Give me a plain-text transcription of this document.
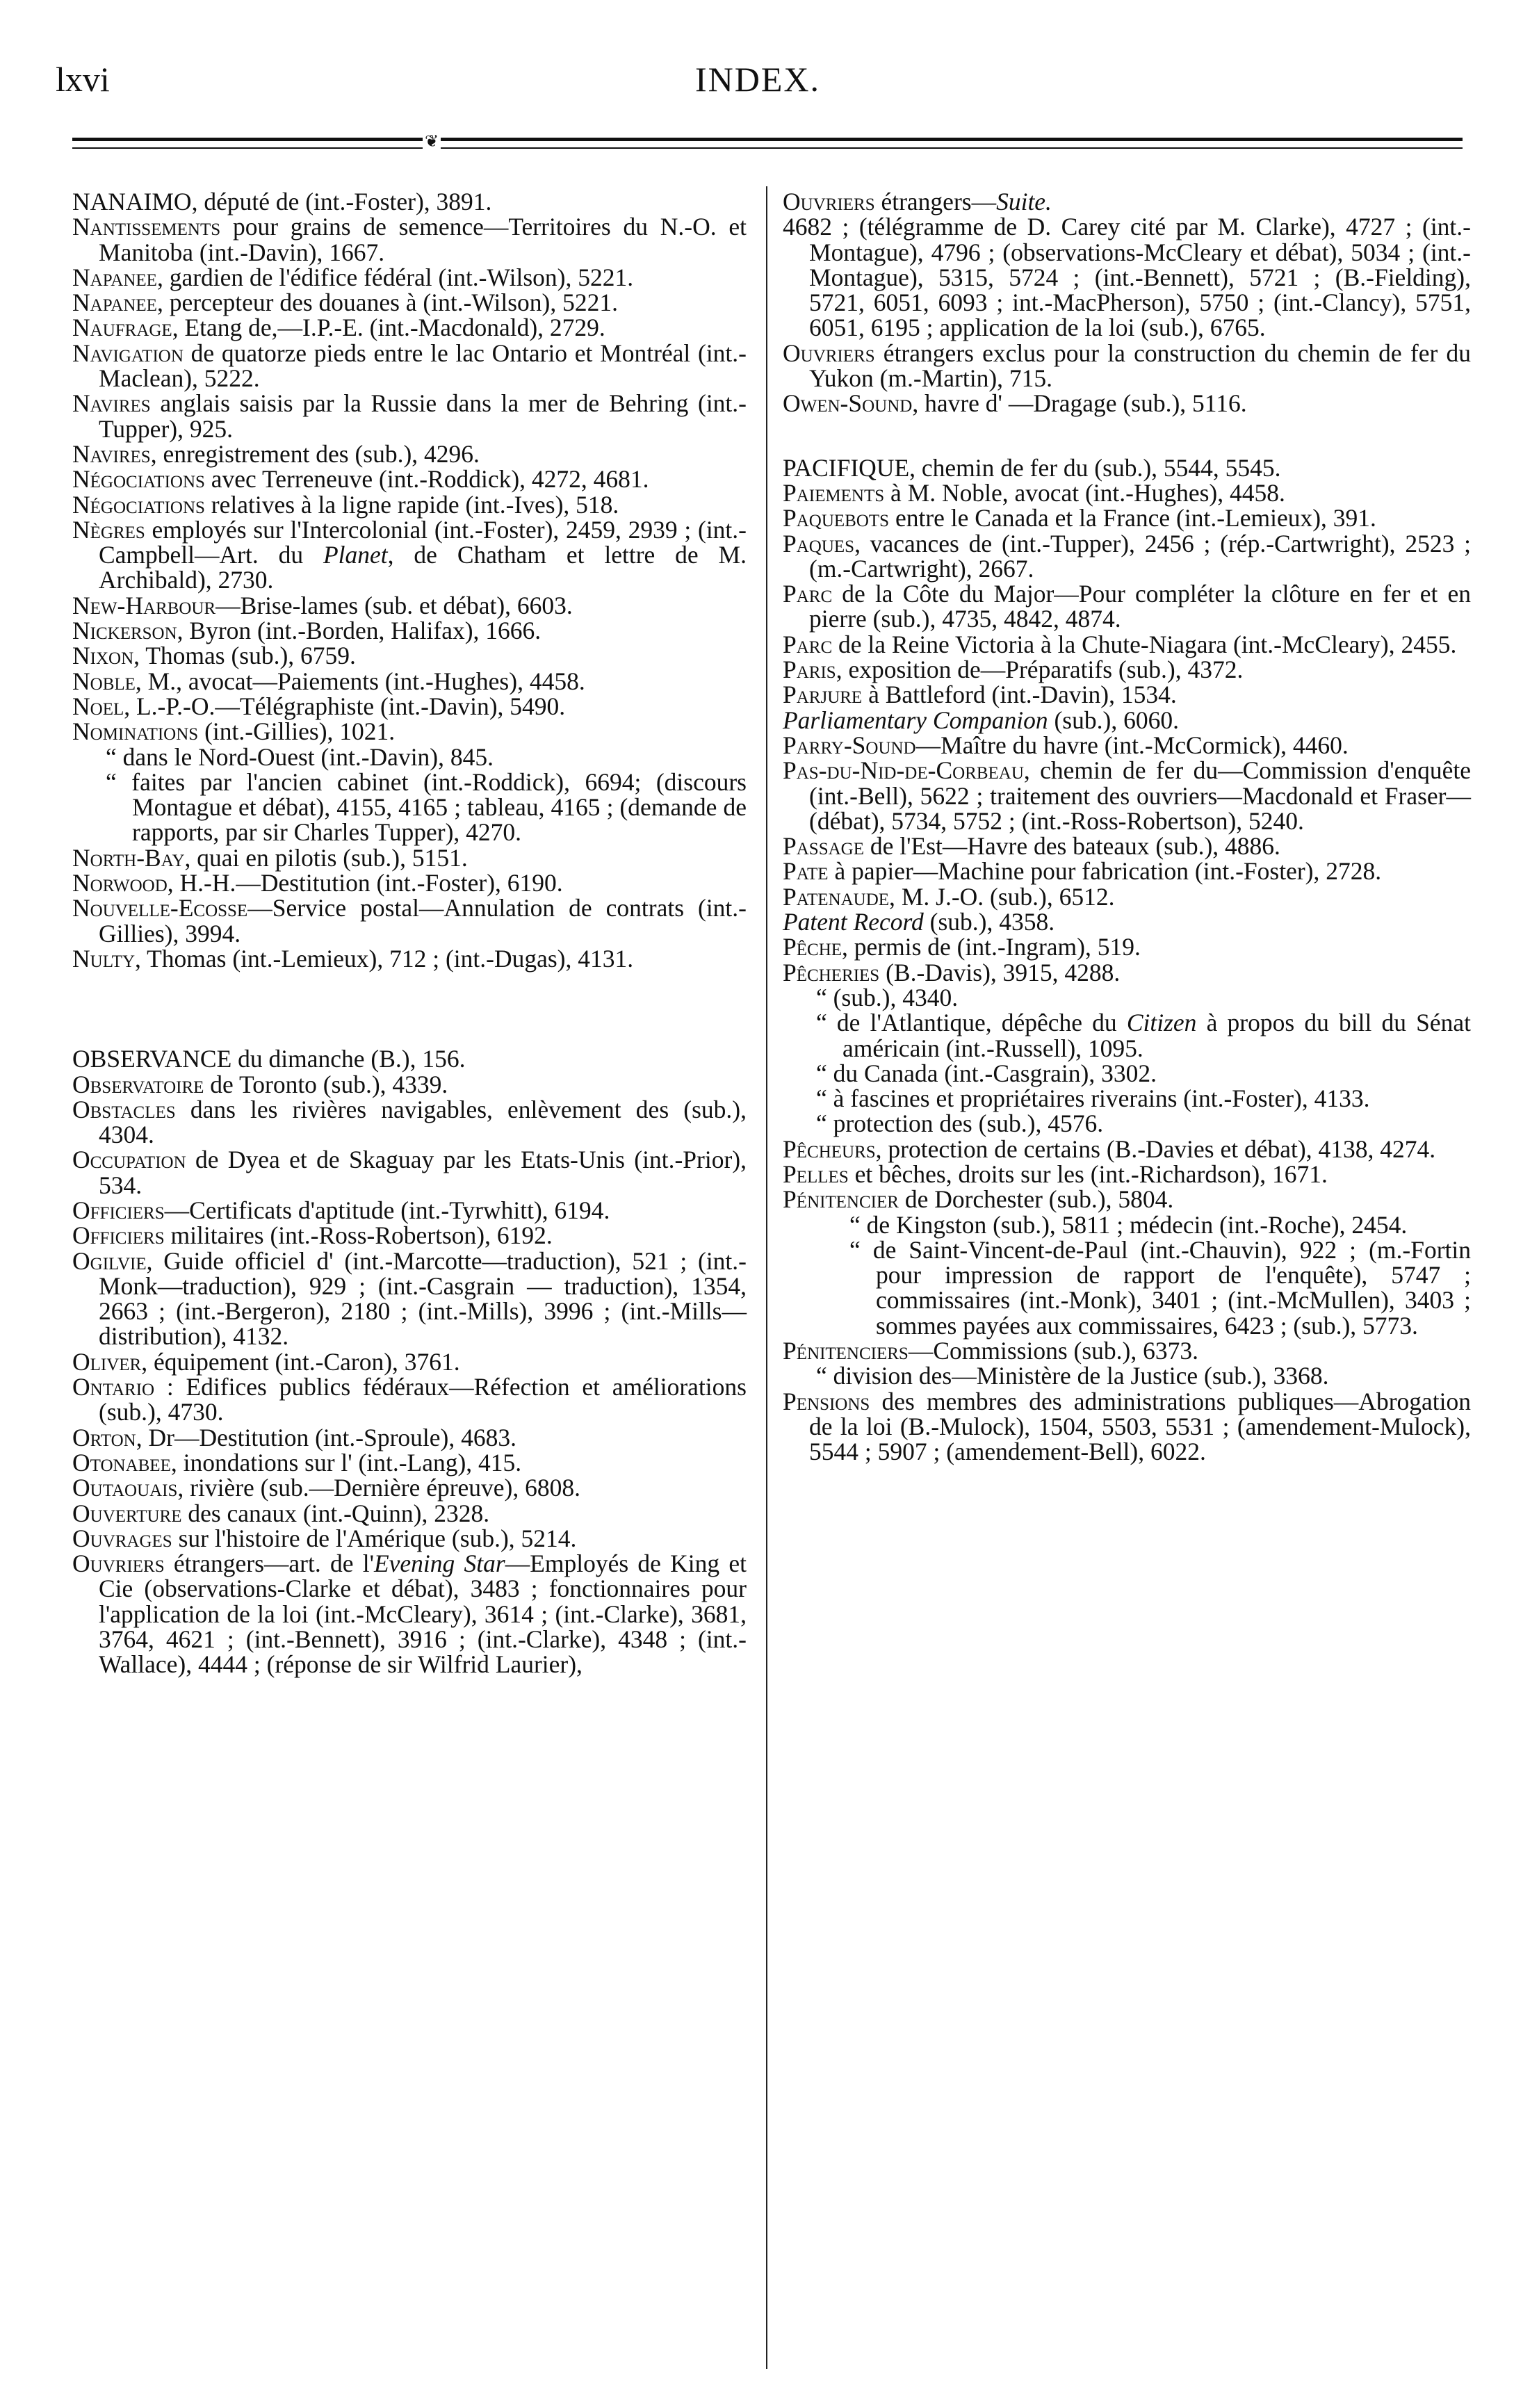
lxvi	INDEX.
❦

NANAIMO, député de (int.-Foster), 3891.

Nantissements pour grains de semence—Territoires du N.-O. et Manitoba (int.-Davin), 1667.

Napanee, gardien de l'édifice fédéral (int.-Wilson), 5221.

Napanee, percepteur des douanes à (int.-Wilson), 5221.

Naufrage, Etang de,—I.P.-E. (int.-Macdonald), 2729.

Navigation de quatorze pieds entre le lac Ontario et Montréal (int.-Maclean), 5222.

Navires anglais saisis par la Russie dans la mer de Behring (int.-Tupper), 925.

Navires, enregistrement des (sub.), 4296.

Négociations avec Terreneuve (int.-Roddick), 4272, 4681.

Négociations relatives à la ligne rapide (int.-Ives), 518.

Nègres employés sur l'Intercolonial (int.-Foster), 2459, 2939 ; (int.-Campbell—Art. du Planet, de Chatham et lettre de M. Archibald), 2730.

New-Harbour—Brise-lames (sub. et débat), 6603.

Nickerson, Byron (int.-Borden, Halifax), 1666.

Nixon, Thomas (sub.), 6759.

Noble, M., avocat—Paiements (int.-Hughes), 4458.

Noel, L.-P.-O.—Télégraphiste (int.-Davin), 5490.

Nominations (int.-Gillies), 1021.

“ dans le Nord-Ouest (int.-Davin), 845.

“ faites par l'ancien cabinet (int.-Roddick), 6694; (discours Montague et débat), 4155, 4165 ; tableau, 4165 ; (demande de rapports, par sir Charles Tupper), 4270.

North-Bay, quai en pilotis (sub.), 5151.

Norwood, H.-H.—Destitution (int.-Foster), 6190.

Nouvelle-Ecosse—Service postal—Annulation de contrats (int.-Gillies), 3994.

Nulty, Thomas (int.-Lemieux), 712 ; (int.-Dugas), 4131.

OBSERVANCE du dimanche (B.), 156.

Observatoire de Toronto (sub.), 4339.

Obstacles dans les rivières navigables, enlèvement des (sub.), 4304.

Occupation de Dyea et de Skaguay par les Etats-Unis (int.-Prior), 534.

Officiers—Certificats d'aptitude (int.-Tyrwhitt), 6194.

Officiers militaires (int.-Ross-Robertson), 6192.

Ogilvie, Guide officiel d' (int.-Marcotte—traduction), 521 ; (int.-Monk—traduction), 929 ; (int.-Casgrain — traduction), 1354, 2663 ; (int.-Bergeron), 2180 ; (int.-Mills), 3996 ; (int.-Mills—distribution), 4132.

Oliver, équipement (int.-Caron), 3761.

Ontario : Edifices publics fédéraux—Réfection et améliorations (sub.), 4730.

Orton, Dr—Destitution (int.-Sproule), 4683.

Otonabee, inondations sur l' (int.-Lang), 415.

Outaouais, rivière (sub.—Dernière épreuve), 6808.

Ouverture des canaux (int.-Quinn), 2328.

Ouvrages sur l'histoire de l'Amérique (sub.), 5214.

Ouvriers étrangers—art. de l'Evening Star—Employés de King et Cie (observations-Clarke et débat), 3483 ; fonctionnaires pour l'application de la loi (int.-McCleary), 3614 ; (int.-Clarke), 3681, 3764, 4621 ; (int.-Bennett), 3916 ; (int.-Clarke), 4348 ; (int.-Wallace), 4444 ; (réponse de sir Wilfrid Laurier),

Ouvriers étrangers—Suite.

4682 ; (télégramme de D. Carey cité par M. Clarke), 4727 ; (int.-Montague), 4796 ; (observations-McCleary et débat), 5034 ; (int.-Montague), 5315, 5724 ; (int.-Bennett), 5721 ; (B.-Fielding), 5721, 6051, 6093 ; int.-MacPherson), 5750 ; (int.-Clancy), 5751, 6051, 6195 ; application de la loi (sub.), 6765.

Ouvriers étrangers exclus pour la construction du chemin de fer du Yukon (m.-Martin), 715.

Owen-Sound, havre d' —Dragage (sub.), 5116.

PACIFIQUE, chemin de fer du (sub.), 5544, 5545.

Paiements à M. Noble, avocat (int.-Hughes), 4458.

Paquebots entre le Canada et la France (int.-Lemieux), 391.

Paques, vacances de (int.-Tupper), 2456 ; (rép.-Cartwright), 2523 ; (m.-Cartwright), 2667.

Parc de la Côte du Major—Pour compléter la clôture en fer et en pierre (sub.), 4735, 4842, 4874.

Parc de la Reine Victoria à la Chute-Niagara (int.-McCleary), 2455.

Paris, exposition de—Préparatifs (sub.), 4372.

Parjure à Battleford (int.-Davin), 1534.

Parliamentary Companion (sub.), 6060.

Parry-Sound—Maître du havre (int.-McCormick), 4460.

Pas-du-Nid-de-Corbeau, chemin de fer du—Commission d'enquête (int.-Bell), 5622 ; traitement des ouvriers—Macdonald et Fraser—(débat), 5734, 5752 ; (int.-Ross-Robertson), 5240.

Passage de l'Est—Havre des bateaux (sub.), 4886.

Pate à papier—Machine pour fabrication (int.-Foster), 2728.

Patenaude, M. J.-O. (sub.), 6512.

Patent Record (sub.), 4358.

Pêche, permis de (int.-Ingram), 519.

Pêcheries (B.-Davis), 3915, 4288.

“ (sub.), 4340.

“ de l'Atlantique, dépêche du Citizen à propos du bill du Sénat américain (int.-Russell), 1095.

“ du Canada (int.-Casgrain), 3302.

“ à fascines et propriétaires riverains (int.-Foster), 4133.

“ protection des (sub.), 4576.

Pêcheurs, protection de certains (B.-Davies et débat), 4138, 4274.

Pelles et bêches, droits sur les (int.-Richardson), 1671.

Pénitencier de Dorchester (sub.), 5804.

“ de Kingston (sub.), 5811 ; médecin (int.-Roche), 2454.

“ de Saint-Vincent-de-Paul (int.-Chauvin), 922 ; (m.-Fortin pour impression de rapport de l'enquête), 5747 ; commissaires (int.-Monk), 3401 ; (int.-McMullen), 3403 ; sommes payées aux commissaires, 6423 ; (sub.), 5773.

Pénitenciers—Commissions (sub.), 6373.

“ division des—Ministère de la Justice (sub.), 3368.

Pensions des membres des administrations publiques—Abrogation de la loi (B.-Mulock), 1504, 5503, 5531 ; (amendement-Mulock), 5544 ; 5907 ; (amendement-Bell), 6022.
